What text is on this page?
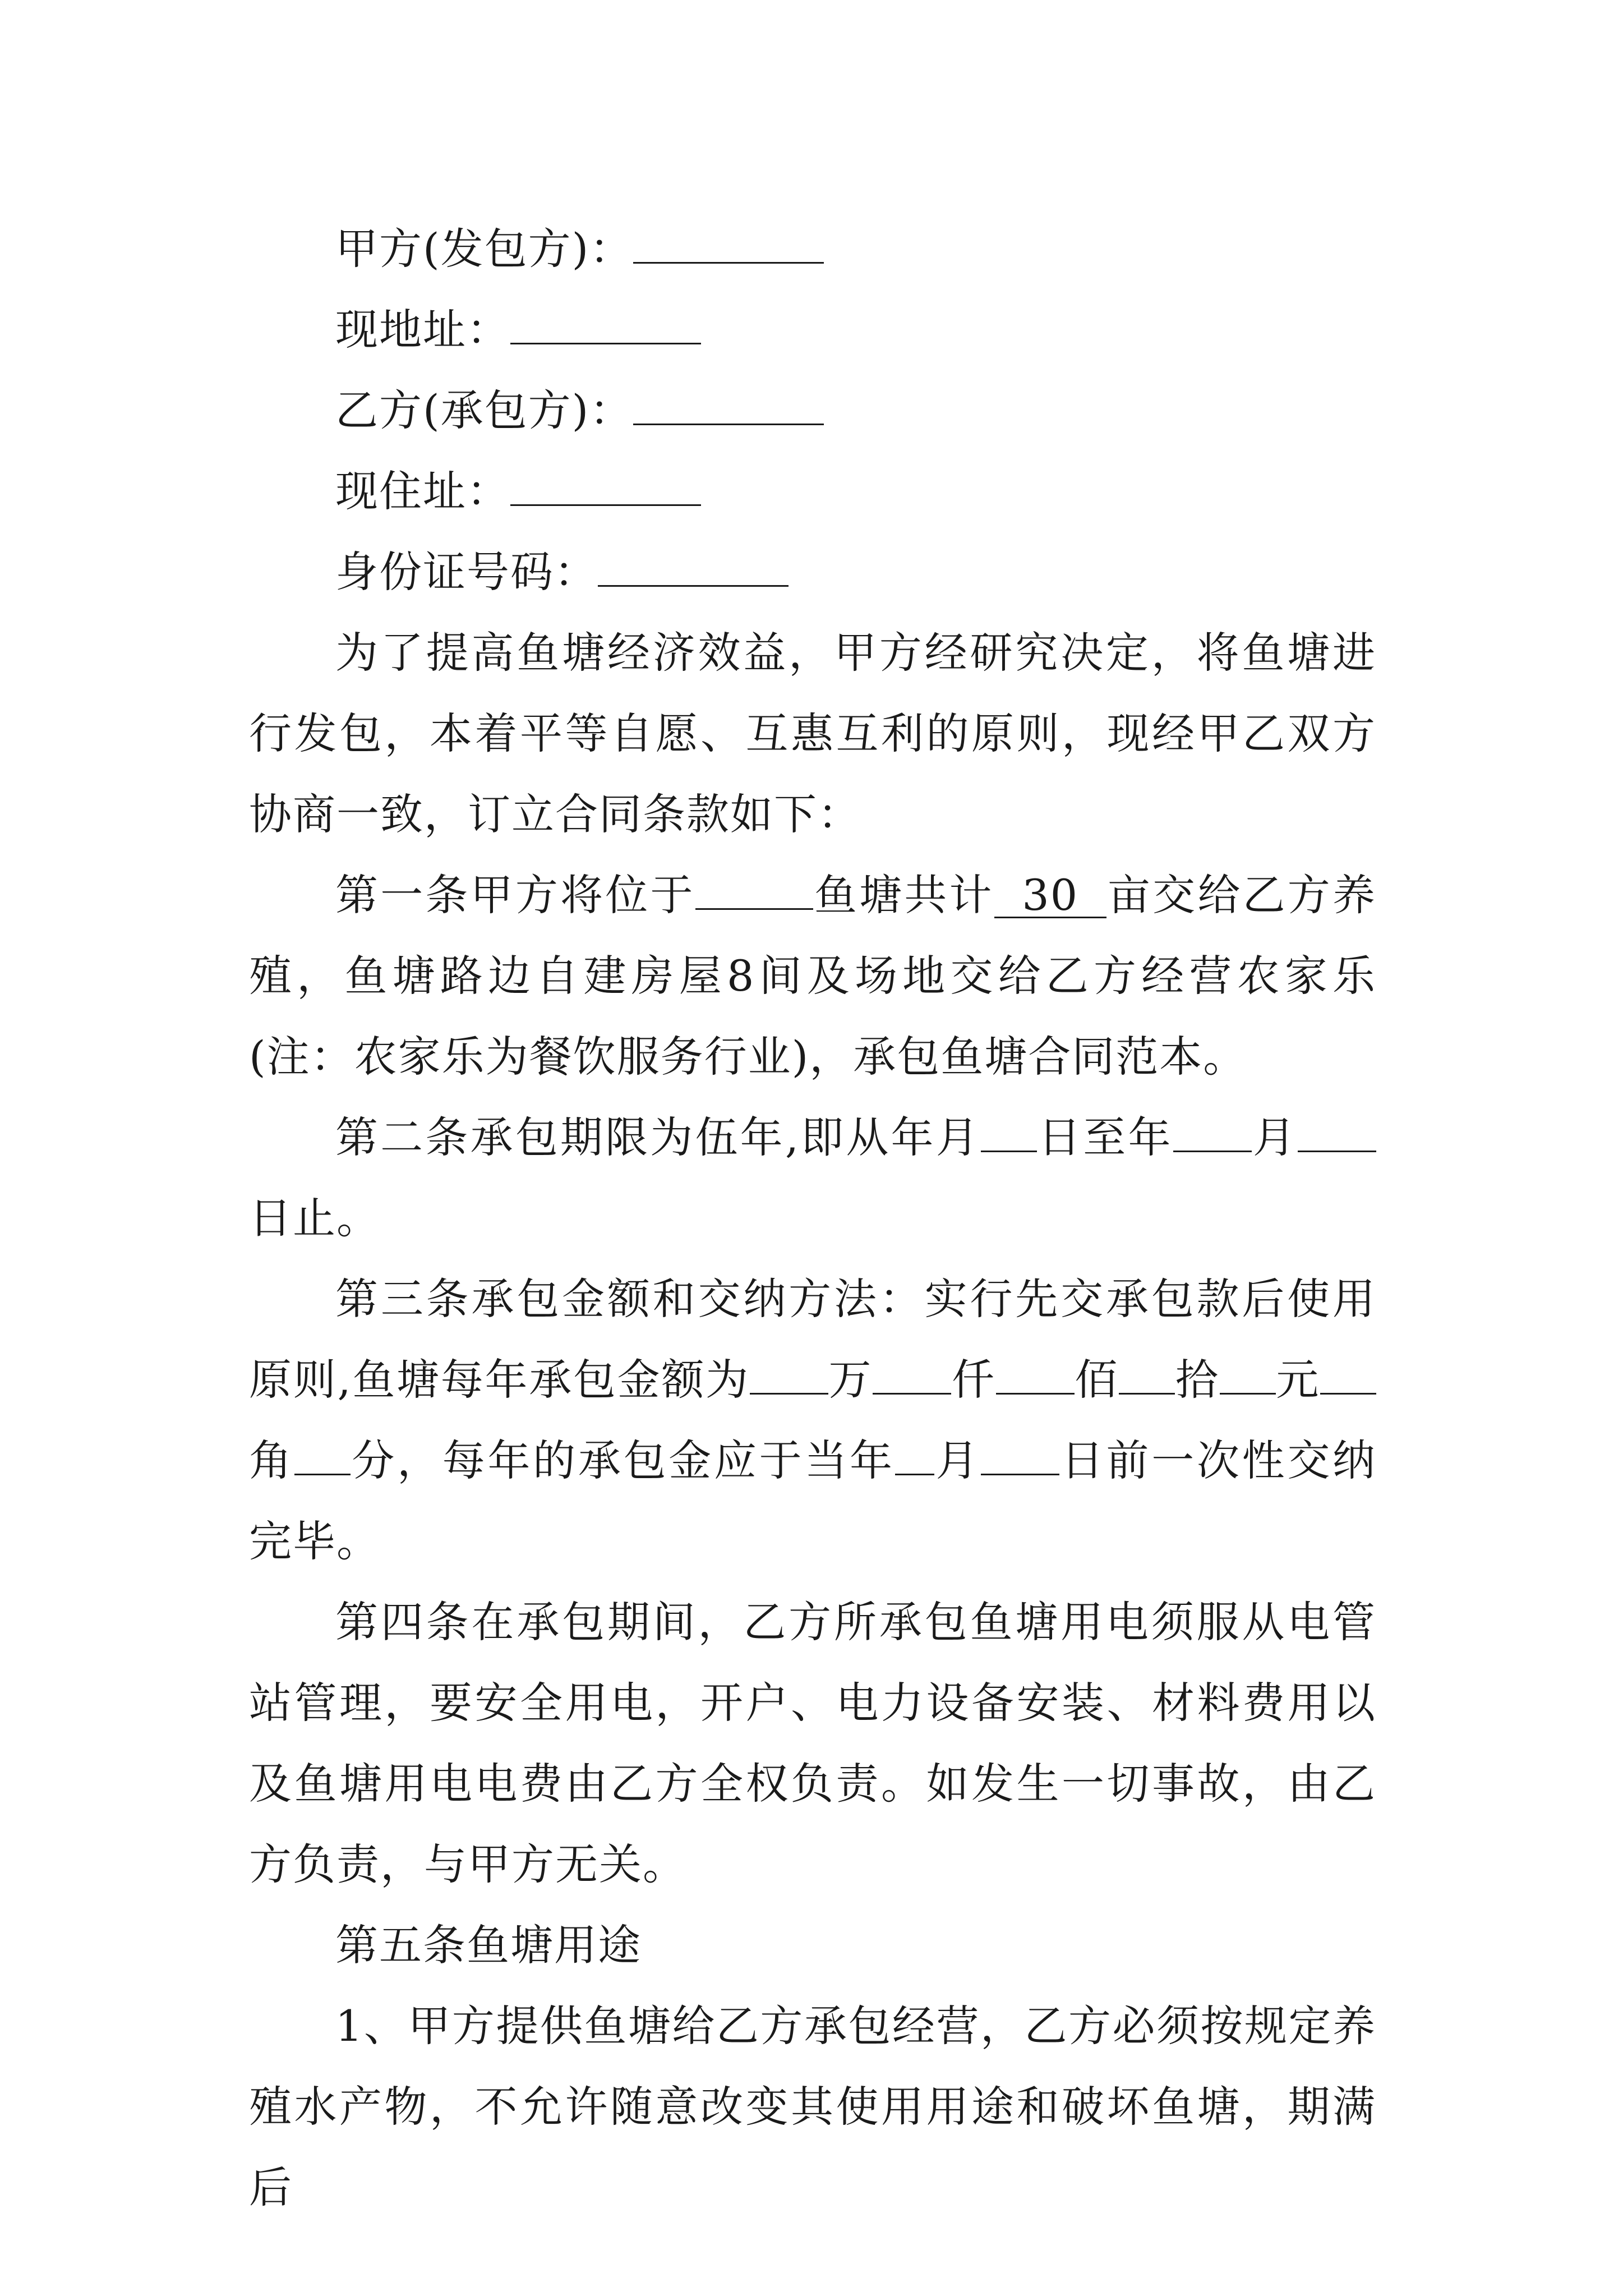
甲方(发包方)：
现地址：
乙方(承包方)：
现住址：
身份证号码：

为了提高鱼塘经济效益，甲方经研究决定，将鱼塘进行发包，本着平等自愿、互惠互利的原则，现经甲乙双方协商一致，订立合同条款如下：

第一条甲方将位于	鱼塘共计 30 亩交给乙方养殖，鱼塘路边自建房屋8间及场地交给乙方经营农家乐(注：农家乐为餐饮服务行业)，承包鱼塘合同范本。

第二条承包期限为伍年,即从年月 日至年 月日止。

第三条承包金额和交纳方法：实行先交承包款后使用原则,鱼塘每年承包金额为 万 仟 佰 拾 元角 分，每年的承包金应于当年 月 日前一次性交纳完毕。

第四条在承包期间，乙方所承包鱼塘用电须服从电管站管理，要安全用电，开户、电力设备安装、材料费用以及鱼塘用电电费由乙方全权负责。如发生一切事故，由乙方负责，与甲方无关。

第五条鱼塘用途

1、甲方提供鱼塘给乙方承包经营，乙方必须按规定养殖水产物，不允许随意改变其使用用途和破坏鱼塘，期满后
